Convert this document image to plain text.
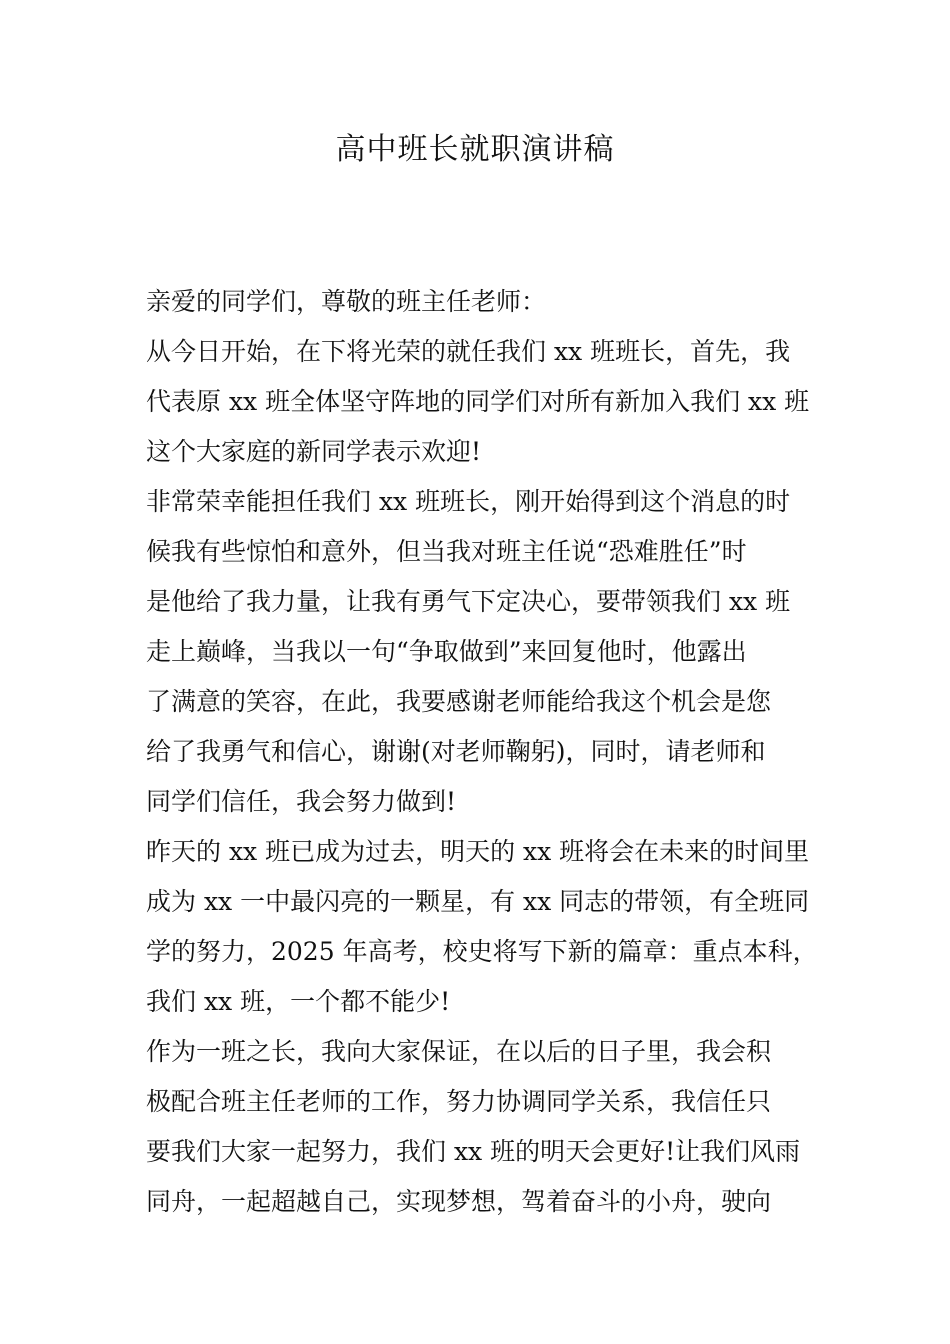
高中班长就职演讲稿
亲爱的同学们，尊敬的班主任老师：
从今日开始，在下将光荣的就任我们 xx 班班长，首先，我
代表原 xx 班全体坚守阵地的同学们对所有新加入我们 xx 班
这个大家庭的新同学表示欢迎!
非常荣幸能担任我们 xx 班班长，刚开始得到这个消息的时
候我有些惊怕和意外，但当我对班主任说“恐难胜任”时
是他给了我力量，让我有勇气下定决心，要带领我们 xx 班
走上巅峰，当我以一句“争取做到”来回复他时，他露出
了满意的笑容，在此，我要感谢老师能给我这个机会是您
给了我勇气和信心，谢谢(对老师鞠躬)，同时，请老师和
同学们信任，我会努力做到!
昨天的 xx 班已成为过去，明天的 xx 班将会在未来的时间里
成为 xx 一中最闪亮的一颗星，有 xx 同志的带领，有全班同
学的努力，2025 年高考，校史将写下新的篇章：重点本科，
我们 xx 班，一个都不能少!
作为一班之长，我向大家保证，在以后的日子里，我会积
极配合班主任老师的工作，努力协调同学关系，我信任只
要我们大家一起努力，我们 xx 班的明天会更好!让我们风雨
同舟，一起超越自己，实现梦想，驾着奋斗的小舟，驶向
